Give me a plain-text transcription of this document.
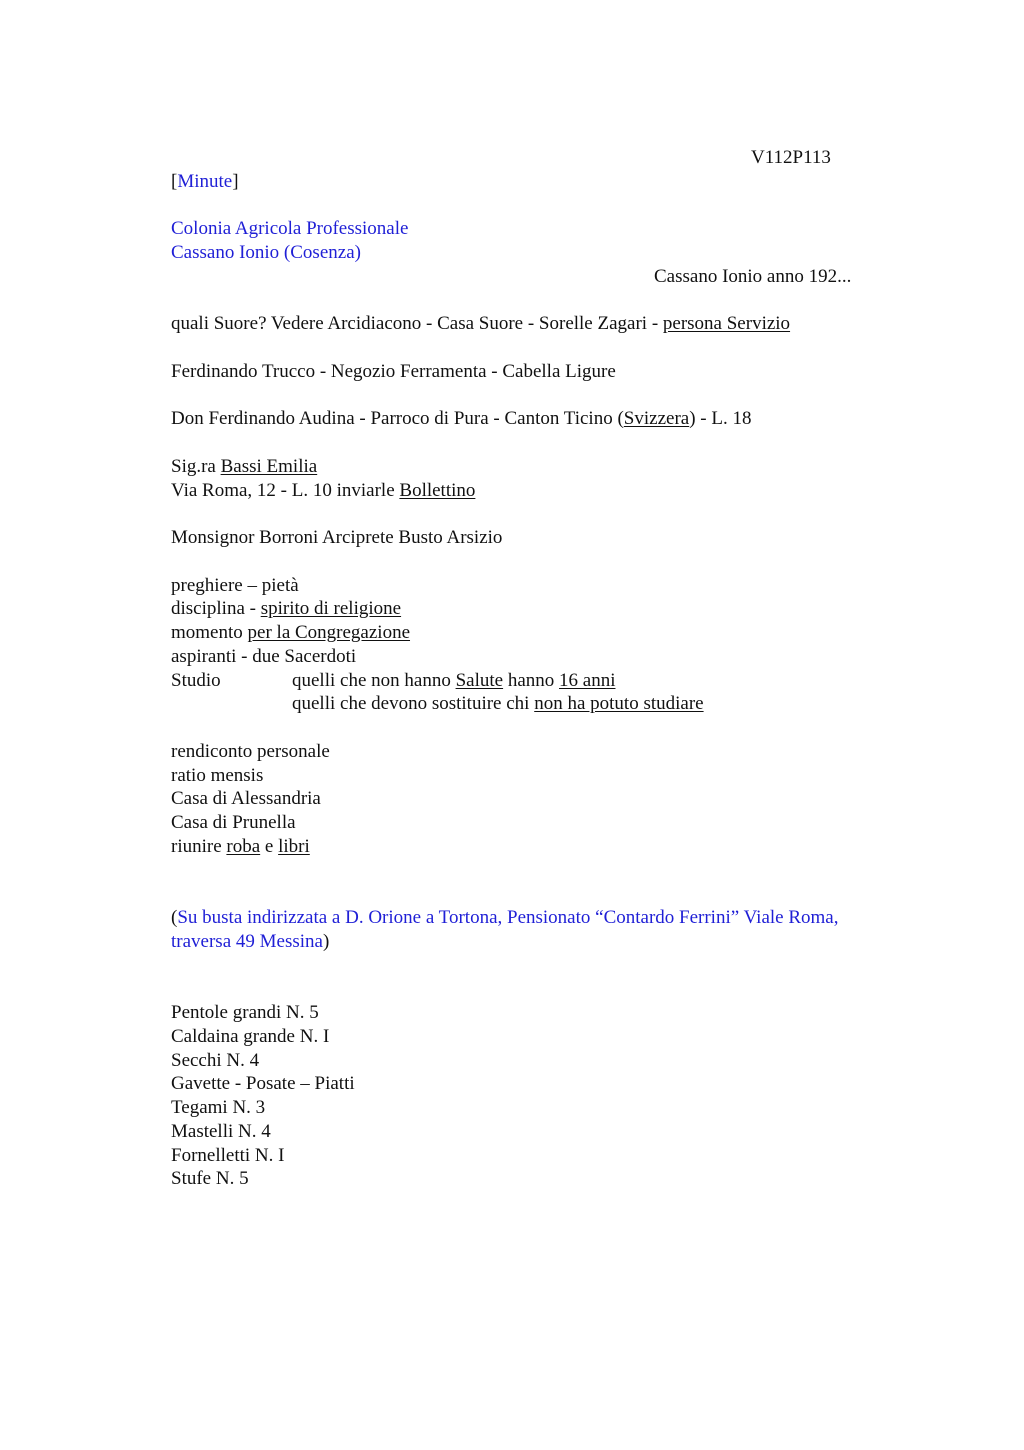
V112P113
[Minute]
Colonia Agricola Professionale
Cassano Ionio (Cosenza)
Cassano Ionio anno 192...
quali Suore? Vedere Arcidiacono - Casa Suore - Sorelle Zagari - persona Servizio
Ferdinando Trucco - Negozio Ferramenta - Cabella Ligure
Don Ferdinando Audina - Parroco di Pura - Canton Ticino (Svizzera) - L. 18
Sig.ra Bassi Emilia
Via Roma, 12 - L. 10 inviarle Bollettino
Monsignor Borroni Arciprete Busto Arsizio
preghiere – pietà
disciplina - spirito di religione
momento per la Congregazione
aspiranti - due Sacerdoti
Studio	quelli che non hanno Salute hanno 16 anni
quelli che devono sostituire chi non ha potuto studiare
rendiconto personale
ratio mensis
Casa di Alessandria
Casa di Prunella
riunire roba e libri
(Su busta indirizzata a D. Orione a Tortona, Pensionato “Contardo Ferrini” Viale Roma,
traversa 49 Messina)
Pentole grandi N. 5
Caldaina grande N. I
Secchi N. 4
Gavette - Posate – Piatti
Tegami N. 3
Mastelli N. 4
Fornelletti N. I
Stufe N. 5
